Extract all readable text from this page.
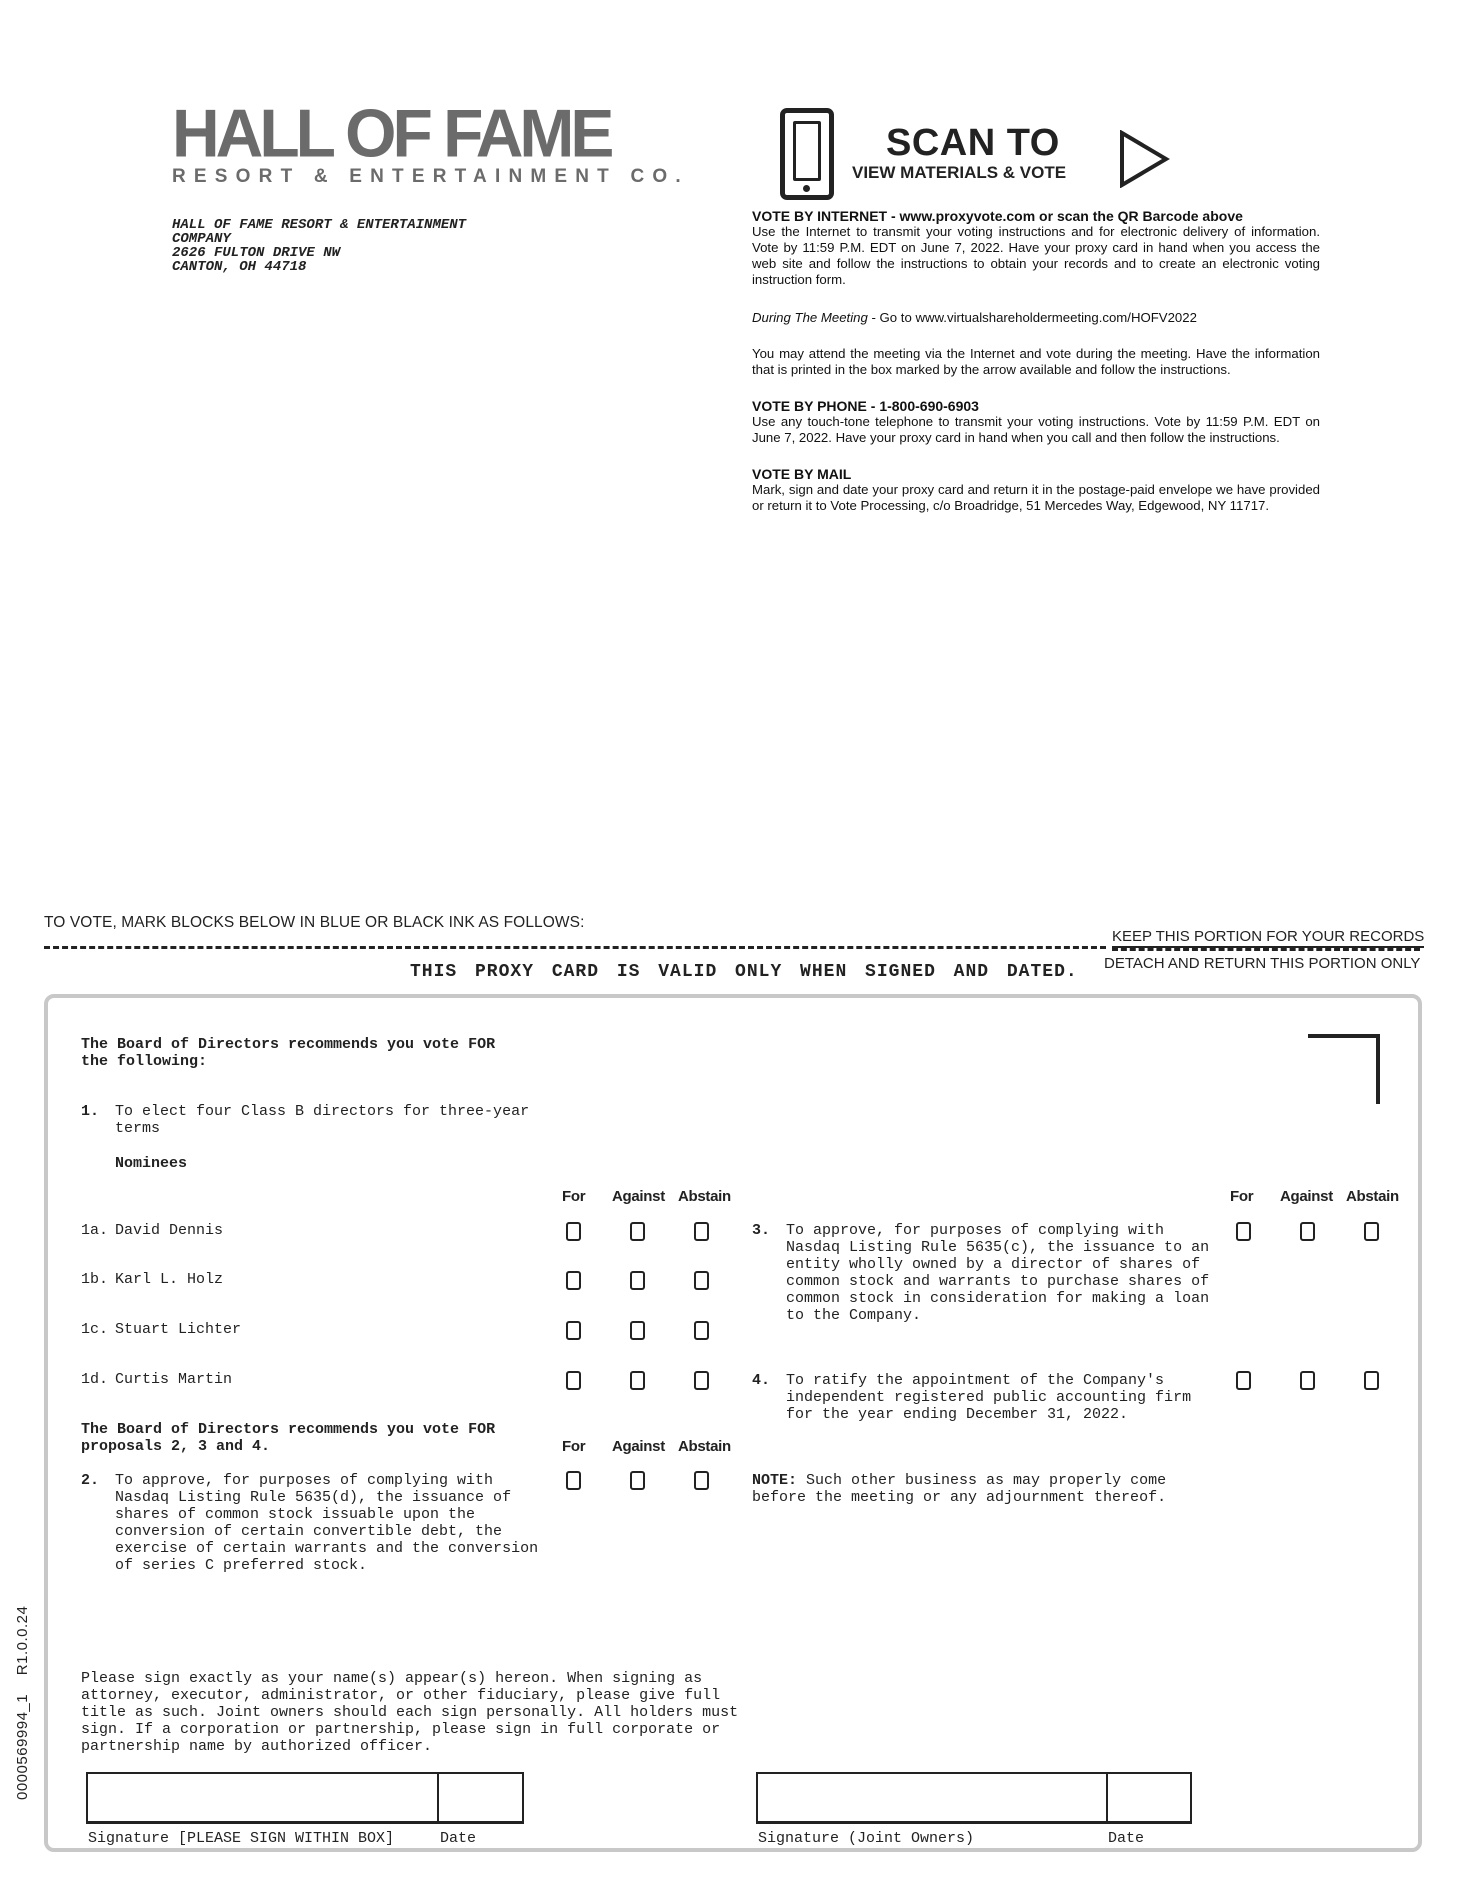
HALL OF FAME
RESORT & ENTERTAINMENT CO.
HALL OF FAME RESORT & ENTERTAINMENT
COMPANY
2626 FULTON DRIVE NW
CANTON, OH 44718
SCAN TO
VIEW MATERIALS & VOTE
VOTE BY INTERNET - www.proxyvote.com or scan the QR Barcode above
Use the Internet to transmit your voting instructions and for electronic delivery of information. Vote by 11:59 P.M. EDT on June 7, 2022. Have your proxy card in hand when you access the web site and follow the instructions to obtain your records and to create an electronic voting instruction form.
During The Meeting - Go to www.virtualshareholdermeeting.com/HOFV2022
You may attend the meeting via the Internet and vote during the meeting. Have the information that is printed in the box marked by the arrow available and follow the instructions.
VOTE BY PHONE - 1-800-690-6903
Use any touch-tone telephone to transmit your voting instructions. Vote by 11:59 P.M. EDT on June 7, 2022. Have your proxy card in hand when you call and then follow the instructions.
VOTE BY MAIL
Mark, sign and date your proxy card and return it in the postage-paid envelope we have provided or return it to Vote Processing, c/o Broadridge, 51 Mercedes Way, Edgewood, NY 11717.
TO VOTE, MARK BLOCKS BELOW IN BLUE OR BLACK INK AS FOLLOWS:
KEEP THIS PORTION FOR YOUR RECORDS
DETACH AND RETURN THIS PORTION ONLY
THIS PROXY CARD IS VALID ONLY WHEN SIGNED AND DATED.
The Board of Directors recommends you vote FOR
the following:
1. To elect four Class B directors for three-year
terms
Nominees
For Against Abstain	For Against Abstain
1a. David Dennis
1b. Karl L. Holz
1c. Stuart Lichter
1d. Curtis Martin
3. To approve, for purposes of complying with
Nasdaq Listing Rule 5635(c), the issuance to an
entity wholly owned by a director of shares of
common stock and warrants to purchase shares of
common stock in consideration for making a loan
to the Company.
4. To ratify the appointment of the Company's
independent registered public accounting firm
for the year ending December 31, 2022.
The Board of Directors recommends you vote FOR
proposals 2, 3 and 4.	For Against Abstain
2. To approve, for purposes of complying with
Nasdaq Listing Rule 5635(d), the issuance of
shares of common stock issuable upon the
conversion of certain convertible debt, the
exercise of certain warrants and the conversion
of series C preferred stock.
NOTE: Such other business as may properly come
before the meeting or any adjournment thereof.
Please sign exactly as your name(s) appear(s) hereon. When signing as
attorney, executor, administrator, or other fiduciary, please give full
title as such. Joint owners should each sign personally. All holders must
sign. If a corporation or partnership, please sign in full corporate or
partnership name by authorized officer.
Signature [PLEASE SIGN WITHIN BOX]	Date	Signature (Joint Owners)	Date
0000569994_1    R1.0.0.24
